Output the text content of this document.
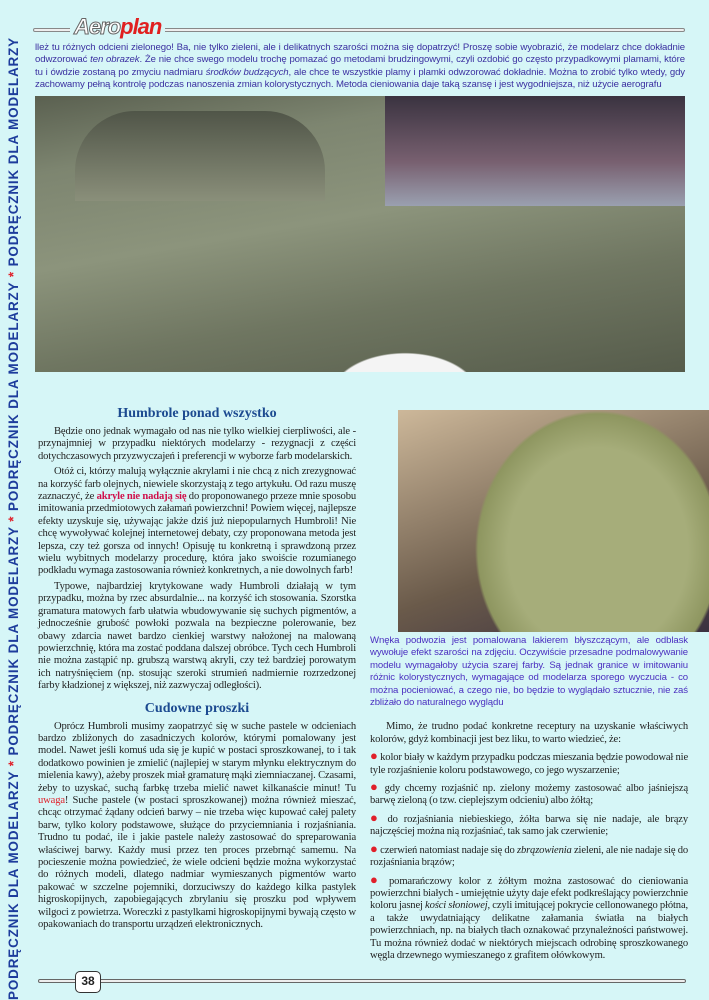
PODRĘCZNIK DLA MODELARZY * PODRĘCZNIK DLA MODELARZY * PODRĘCZNIK DLA MODELARZY * PODRĘCZNIK DLA MODELARZY
Aeroplan
lleż tu różnych odcieni zielonego! Ba, nie tylko zieleni, ale i delikatnych szarości można się dopatrzyć! Proszę sobie wyobrazić, że modelarz chce dokładnie odwzorować ten obrazek. Że nie chce swego modelu trochę pomazać go metodami brudzingowymi, czyli ozdobić go często przypadkowymi plamami, które tu i ówdzie zostaną po zmyciu nadmiaru środków budzących, ale chce te wszystkie plamy i plamki odwzorować dokładnie. Można to zrobić tylko wtedy, gdy zachowamy pełną kontrolę podczas nanoszenia zmian kolorystycznych. Metoda cieniowania daje taką szansę i jest wygodniejsza, niż użycie aerografu
Humbrole ponad wszystko

Będzie ono jednak wymagało od nas nie tylko wielkiej cierpliwości, ale - przynajmniej w przypadku niektórych modelarzy - rezygnacji z części dotychczasowych przyzwyczajeń i preferencji w wyborze farb modelarskich.

Otóż ci, którzy malują wyłącznie akrylami i nie chcą z nich zrezygnować na korzyść farb olejnych, niewiele skorzystają z tego artykułu. Od razu muszę zaznaczyć, że akryle nie nadają się do proponowanego przeze mnie sposobu imitowania przedmiotowych załamań powierzchni! Powiem więcej, najlepsze efekty uzyskuje się, używając jakże dziś już niepopularnych Humbroli! Nie chcę wywoływać kolejnej internetowej debaty, czy proponowana metoda jest lepsza, czy też gorsza od innych! Opisuję tu konkretną i sprawdzoną przez wielu wybitnych modelarzy procedurę, która jako swoiście rozumianego podkładu wymaga zastosowania również konkretnych, a nie dowolnych farb!

Typowe, najbardziej krytykowane wady Humbroli działają w tym przypadku, można by rzec absurdalnie... na korzyść ich stosowania. Szorstka gramatura matowych farb ułatwia wbudowywanie się suchych pigmentów, a jednocześnie grubość powłoki pozwala na bezpieczne polerowanie, bez obawy zdarcia nawet bardzo cienkiej warstwy nałożonej na malowaną powierzchnię, która ma zostać poddana dalszej obróbce. Tych cech Humbroli nie można zastąpić np. grubszą warstwą akryli, czy też bardziej porowatym ich natryśnięciem (np. stosując szeroki strumień nadmiernie rozrzedzonej farby kładzionej z większej, niż zazwyczaj odległości).

Cudowne proszki

Oprócz Humbroli musimy zaopatrzyć się w suche pastele w odcieniach bardzo zbliżonych do zasadniczych kolorów, którymi pomalowany jest model. Nawet jeśli komuś uda się je kupić w postaci sproszkowanej, to i tak dodatkowo powinien je zmielić (najlepiej w starym młynku elektrycznym do mielenia kawy), ażeby proszek miał gramaturę mąki ziemniaczanej. Czasami, żeby to uzyskać, suchą farbkę trzeba mielić nawet kilkanaście minut! Tu uwaga! Suche pastele (w postaci sproszkowanej) można również mieszać, chcąc otrzymać żądany odcień barwy – nie trzeba więc kupować całej palety barw, tylko kolory podstawowe, służące do przyciemniania i rozjaśniania. Trudno tu podać, ile i jakie pastele należy zastosować do spreparowania właściwej barwy. Każdy musi przez ten proces przebrnąć samemu. Na pocieszenie można powiedzieć, że wiele odcieni będzie można wykorzystać do różnych modeli, dlatego nadmiar wymieszanych pigmentów warto pakować w szczelne pojemniki, dorzuciwszy do każdego kilka pastylek higroskopijnych, zapobiegających zbrylaniu się proszku pod wpływem wilgoci z powietrza. Woreczki z pastylkami higroskopijnymi bywają często w opakowaniach do transportu urządzeń elektronicznych.

Wnęka podwozia jest pomalowana lakierem błyszczącym, ale odblask wywołuje efekt szarości na zdjęciu. Oczywiście przesadne podmalowywanie modelu wymagałoby użycia szarej farby. Są jednak granice w imitowaniu różnic kolorystycznych, wymagające od modelarza sporego wyczucia - co można pocieniować, a czego nie, bo będzie to wyglądało sztucznie, nie zaś zbliżało do naturalnego wyglądu

Mimo, że trudno podać konkretne receptury na uzyskanie właściwych kolorów, gdyż kombinacji jest bez liku, to warto wiedzieć, że:

● kolor biały w każdym przypadku podczas mieszania będzie powodował nie tyle rozjaśnienie koloru podstawowego, co jego wyszarzenie;

● gdy chcemy rozjaśnić np. zielony możemy zastosować albo jaśniejszą barwę zieloną (o tzw. cieplejszym odcieniu) albo żółtą;

● do rozjaśniania niebieskiego, żółta barwa się nie nadaje, ale brązy najczęściej można nią rozjaśniać, tak samo jak czerwienie;

● czerwień natomiast nadaje się do zbrązowienia zieleni, ale nie nadaje się do rozjaśniania brązów;

● pomarańczowy kolor z żółtym można zastosować do cieniowania powierzchni białych - umiejętnie użyty daje efekt podkreślający powierzchnie koloru jasnej kości słoniowej, czyli imitującej pokrycie cellonowanego płótna, a także uwydatniający delikatne załamania światła na białych powierzchniach, np. na białych tłach oznakować przynależności państwowej. Tu można również dodać w niektórych miejscach odrobinę sproszkowanego węgla drzewnego wymieszanego z grafitem ołówkowym.

38
